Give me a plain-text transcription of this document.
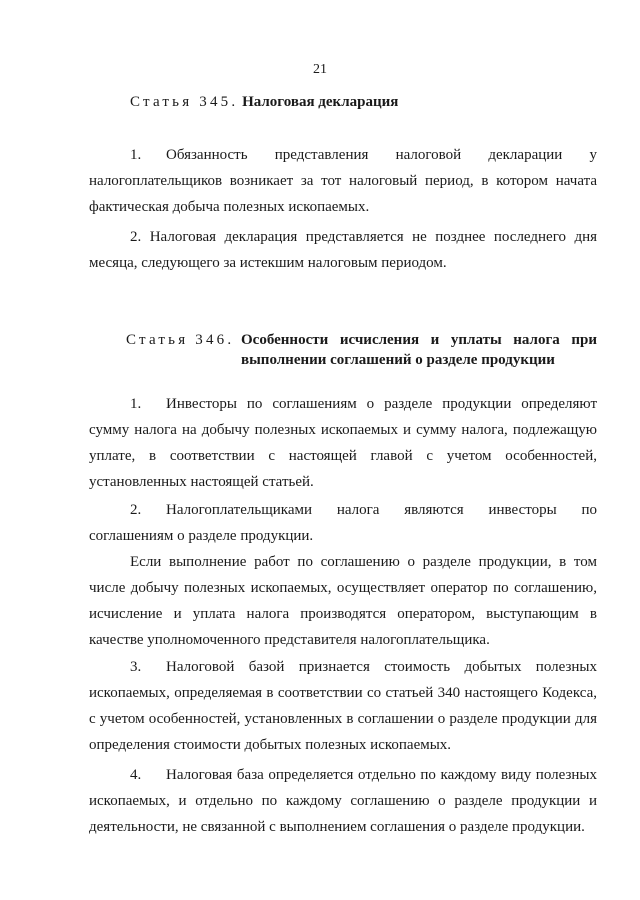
21
Статья 345. Налоговая декларация

1. Обязанность представления налоговой декларации у налогоплательщиков возникает за тот налоговый период, в котором начата фактическая добыча полезных ископаемых.

2. Налоговая декларация представляется не позднее последнего дня месяца, следующего за истекшим налоговым периодом.

Статья 346. Особенности исчисления и уплаты налога при выполнении соглашений о разделе продукции

1. Инвесторы по соглашениям о разделе продукции определяют сумму налога на добычу полезных ископаемых и сумму налога, подлежащую уплате, в соответствии с настоящей главой с учетом особенностей, установленных настоящей статьей.

2. Налогоплательщиками налога являются инвесторы по соглашениям о разделе продукции.

Если выполнение работ по соглашению о разделе продукции, в том числе добычу полезных ископаемых, осуществляет оператор по соглашению, исчисление и уплата налога производятся оператором, выступающим в качестве уполномоченного представителя налогоплательщика.

3. Налоговой базой признается стоимость добытых полезных ископаемых, определяемая в соответствии со статьей 340 настоящего Кодекса, с учетом особенностей, установленных в соглашении о разделе продукции для определения стоимости добытых полезных ископаемых.

4. Налоговая база определяется отдельно по каждому виду полезных ископаемых, и отдельно по каждому соглашению о разделе продукции и деятельности, не связанной с выполнением соглашения о разделе продукции.
